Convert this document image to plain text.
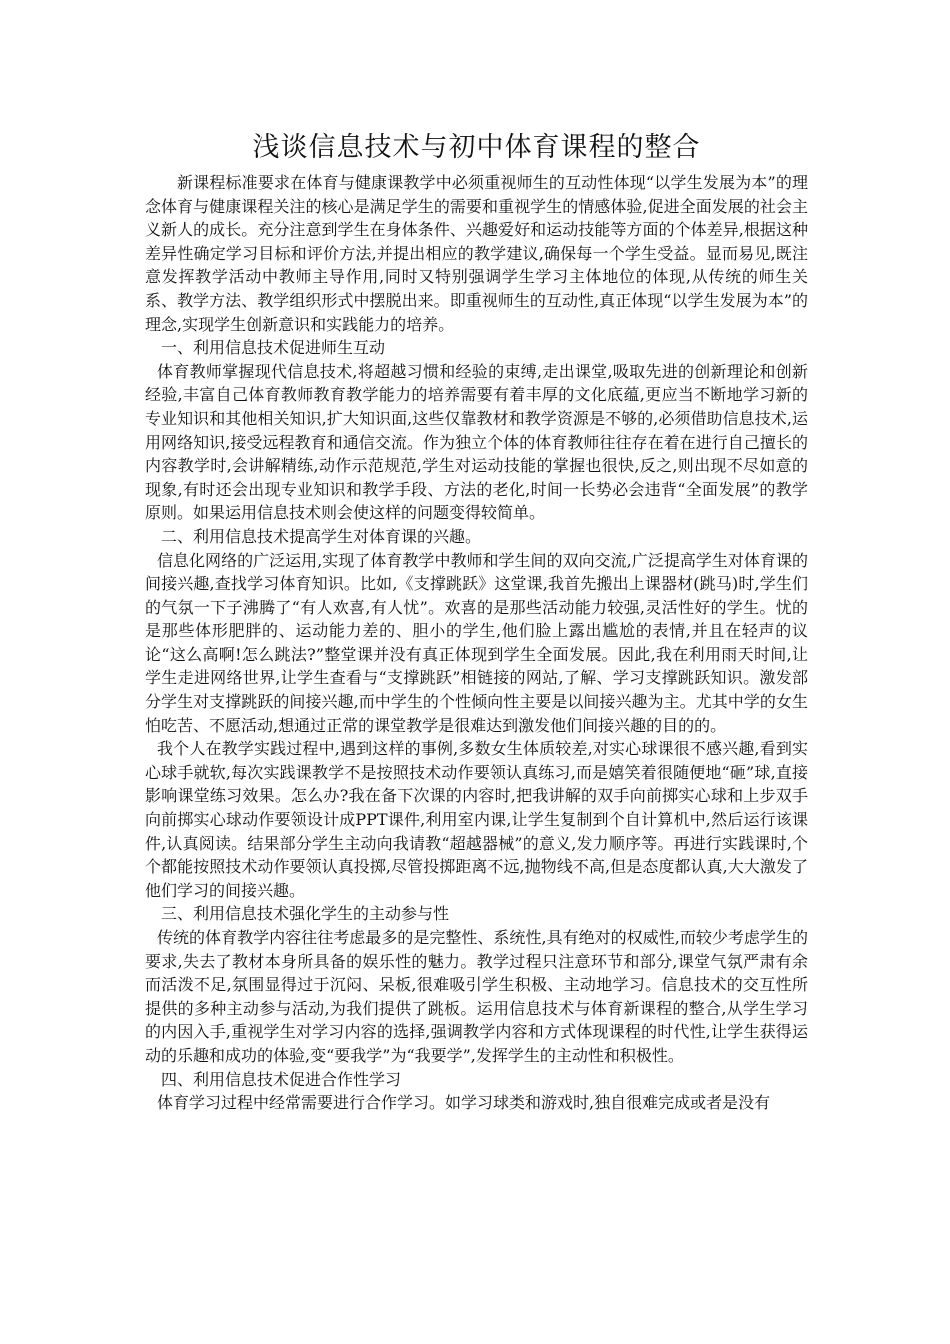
浅谈信息技术与初中体育课程的整合

新课程标准要求在体育与健康课教学中必须重视师生的互动性体现“以学生发展为本”的理念体育与健康课程关注的核心是满足学生的需要和重视学生的情感体验,促进全面发展的社会主义新人的成长。充分注意到学生在身体条件、兴趣爱好和运动技能等方面的个体差异,根据这种差异性确定学习目标和评价方法,并提出相应的教学建议,确保每一个学生受益。显而易见,既注意发挥教学活动中教师主导作用,同时又特别强调学生学习主体地位的体现,从传统的师生关系、教学方法、教学组织形式中摆脱出来。即重视师生的互动性,真正体现“以学生发展为本”的理念,实现学生创新意识和实践能力的培养。

一、利用信息技术促进师生互动

体育教师掌握现代信息技术,将超越习惯和经验的束缚,走出课堂,吸取先进的创新理论和创新经验,丰富自己体育教师教育教学能力的培养需要有着丰厚的文化底蕴,更应当不断地学习新的专业知识和其他相关知识,扩大知识面,这些仅靠教材和教学资源是不够的,必须借助信息技术,运用网络知识,接受远程教育和通信交流。作为独立个体的体育教师往往存在着在进行自己擅长的内容教学时,会讲解精练,动作示范规范,学生对运动技能的掌握也很快,反之,则出现不尽如意的现象,有时还会出现专业知识和教学手段、方法的老化,时间一长势必会违背“全面发展”的教学原则。如果运用信息技术则会使这样的问题变得较简单。

二、利用信息技术提高学生对体育课的兴趣。

信息化网络的广泛运用,实现了体育教学中教师和学生间的双向交流,广泛提高学生对体育课的间接兴趣,查找学习体育知识。比如,《支撑跳跃》这堂课,我首先搬出上课器材(跳马)时,学生们的气氛一下子沸腾了“有人欢喜,有人忧”。欢喜的是那些活动能力较强,灵活性好的学生。忧的是那些体形肥胖的、运动能力差的、胆小的学生,他们脸上露出尴尬的表情,并且在轻声的议论“这么高啊!怎么跳法?”整堂课并没有真正体现到学生全面发展。因此,我在利用雨天时间,让学生走进网络世界,让学生查看与“支撑跳跃”相链接的网站,了解、学习支撑跳跃知识。激发部分学生对支撑跳跃的间接兴趣,而中学生的个性倾向性主要是以间接兴趣为主。尤其中学的女生怕吃苦、不愿活动,想通过正常的课堂教学是很难达到激发他们间接兴趣的目的的。

我个人在教学实践过程中,遇到这样的事例,多数女生体质较差,对实心球课很不感兴趣,看到实心球手就软,每次实践课教学不是按照技术动作要领认真练习,而是嬉笑着很随便地“砸”球,直接影响课堂练习效果。怎么办?我在备下次课的内容时,把我讲解的双手向前掷实心球和上步双手向前掷实心球动作要领设计成PPT课件,利用室内课,让学生复制到个自计算机中,然后运行该课件,认真阅读。结果部分学生主动向我请教“超越器械”的意义,发力顺序等。再进行实践课时,个个都能按照技术动作要领认真投掷,尽管投掷距离不远,抛物线不高,但是态度都认真,大大激发了他们学习的间接兴趣。

三、利用信息技术强化学生的主动参与性

传统的体育教学内容往往考虑最多的是完整性、系统性,具有绝对的权威性,而较少考虑学生的要求,失去了教材本身所具备的娱乐性的魅力。教学过程只注意环节和部分,课堂气氛严肃有余而活泼不足,氛围显得过于沉闷、呆板,很难吸引学生积极、主动地学习。信息技术的交互性所提供的多种主动参与活动,为我们提供了跳板。运用信息技术与体育新课程的整合,从学生学习的内因入手,重视学生对学习内容的选择,强调教学内容和方式体现课程的时代性,让学生获得运动的乐趣和成功的体验,变“要我学”为“我要学”,发挥学生的主动性和积极性。

四、利用信息技术促进合作性学习

体育学习过程中经常需要进行合作学习。如学习球类和游戏时,独自很难完成或者是没有
